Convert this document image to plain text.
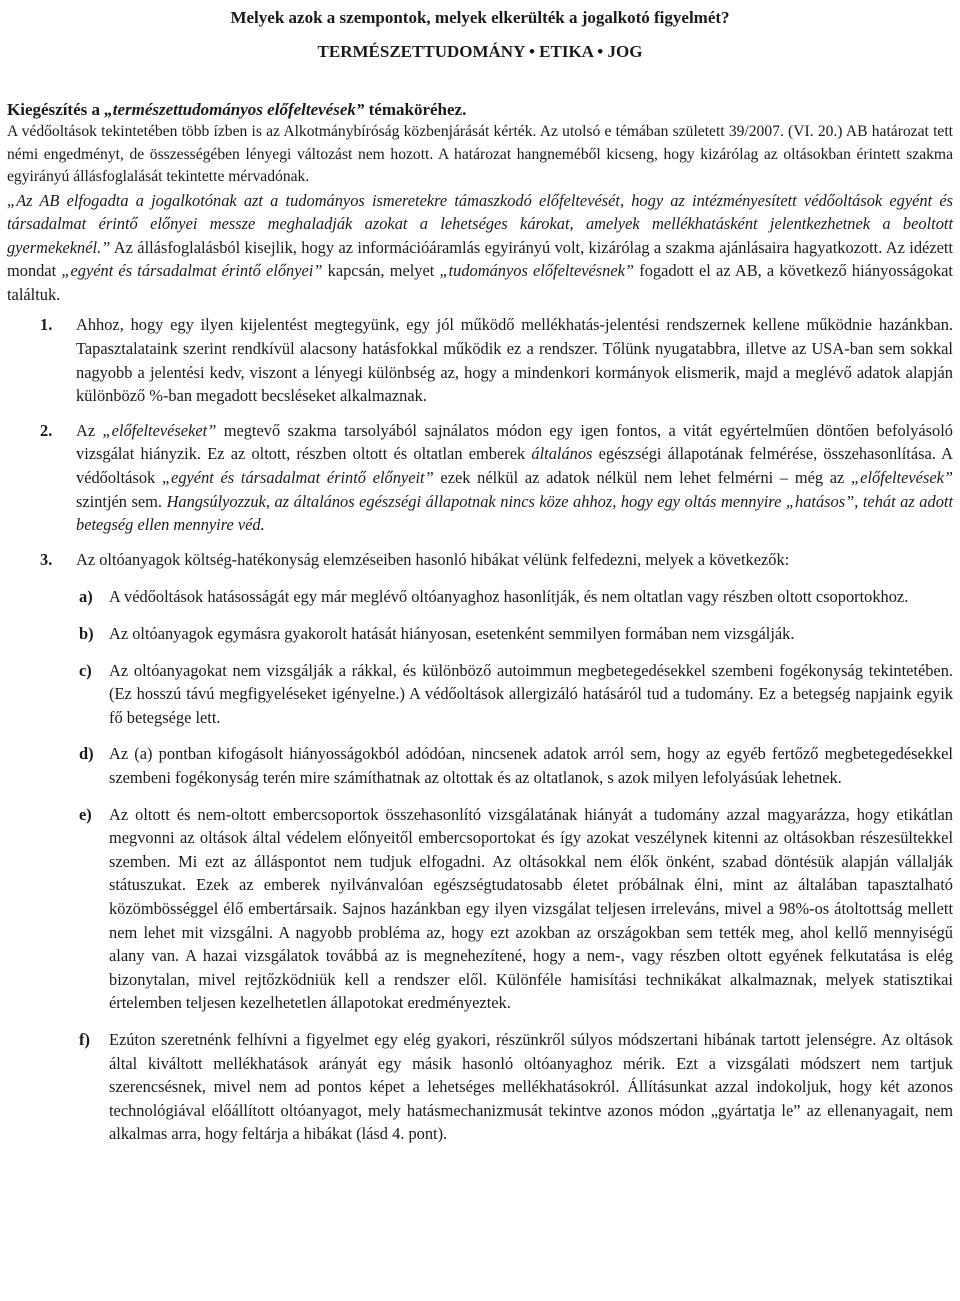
Melyek azok a szempontok, melyek elkerülték a jogalkotó figyelmét?
TERMÉSZETTUDOMÁNY • ETIKA • JOG
Kiegészítés a „természettudományos előfeltevések” témaköréhez.
A védőoltások tekintetében több ízben is az Alkotmánybíróság közbenjárását kérték. Az utolsó e témában született 39/2007. (VI. 20.) AB határozat tett némi engedményt, de összességében lényegi változást nem hozott. A határozat hangneméből kicseng, hogy kizárólag az oltásokban érintett szakma egyirányú állásfoglalását tekintette mérvadónak.
„Az AB elfogadta a jogalkotónak azt a tudományos ismeretekre támaszkodó előfeltevését, hogy az intézményesített védőoltások egyént és társadalmat érintő előnyei messze meghaladják azokat a lehetséges károkat, amelyek mellékhatásként jelentkezhetnek a beoltott gyermekeknél.” Az állásfoglalásból kisejlik, hogy az információáramlás egyirányú volt, kizárólag a szakma ajánlásaira hagyatkozott. Az idézett mondat „egyént és társadalmat érintő előnyei” kapcsán, melyet „tudományos előfeltevésnek” fogadott el az AB, a következő hiányosságokat találtuk.
1.	Ahhoz, hogy egy ilyen kijelentést megtegyünk, egy jól működő mellékhatás-jelentési rendszernek kellene működnie hazánkban. Tapasztalataink szerint rendkívül alacsony hatásfokkal működik ez a rendszer. Tőlünk nyugatabbra, illetve az USA-ban sem sokkal nagyobb a jelentési kedv, viszont a lényegi különbség az, hogy a mindenkori kormányok elismerik, majd a meglévő adatok alapján különböző %-ban megadott becsléseket alkalmaznak.
2.	Az „előfeltevéseket” megtevő szakma tarsolyából sajnálatos módon egy igen fontos, a vitát egyértelműen döntően befolyásoló vizsgálat hiányzik. Ez az oltott, részben oltott és oltatlan emberek általános egészségi állapotának felmérése, összehasonlítása. A védőoltások „egyént és társadalmat érintő előnyeit” ezek nélkül az adatok nélkül nem lehet felmérni – még az „előfeltevések” szintjén sem. Hangsúlyozzuk, az általános egészségi állapotnak nincs köze ahhoz, hogy egy oltás mennyire „hatásos”, tehát az adott betegség ellen mennyire véd.
3.	Az oltóanyagok költség-hatékonyság elemzéseiben hasonló hibákat vélünk felfedezni, melyek a következők:
a) A védőoltások hatásosságát egy már meglévő oltóanyaghoz hasonlítják, és nem oltatlan vagy részben oltott csoportokhoz.
b) Az oltóanyagok egymásra gyakorolt hatását hiányosan, esetenként semmilyen formában nem vizsgálják.
c)	Az oltóanyagokat nem vizsgálják a rákkal, és különböző autoimmun megbetegedésekkel szembeni fogékonyság tekintetében. (Ez hosszú távú megfigyeléseket igényelne.) A védőoltások allergizáló hatásáról tud a tudomány. Ez a betegség napjaink egyik fő betegsége lett.
d) Az (a) pontban kifogásolt hiányosságokból adódóan, nincsenek adatok arról sem, hogy az egyéb fertőző megbetegedésekkel szembeni fogékonyság terén mire számíthatnak az oltottak és az oltatlanok, s azok milyen lefolyásúak lehetnek.
e)	Az oltott és nem-oltott embercsoportok összehasonlító vizsgálatának hiányát a tudomány azzal magyarázza, hogy etikátlan megvonni az oltások által védelem előnyeitől embercsoportokat és így azokat veszélynek kitenni az oltásokban részesültekkel szemben. Mi ezt az álláspontot nem tudjuk elfogadni. Az oltásokkal nem élők önként, szabad döntésük alapján vállalják státuszukat. Ezek az emberek nyilvánvalóan egészségtudatosabb életet próbálnak élni, mint az általában tapasztalható közömbösséggel élő embertársaik. Sajnos hazánkban egy ilyen vizsgálat teljesen irreleváns, mivel a 98%-os átoltottság mellett nem lehet mit vizsgálni. A nagyobb probléma az, hogy ezt azokban az országokban sem tették meg, ahol kellő mennyiségű alany van. A hazai vizsgálatok továbbá az is megnehezítené, hogy a nem-, vagy részben oltott egyének felkutatása is elég bizonytalan, mivel rejtőzködniük kell a rendszer elől. Különféle hamisítási technikákat alkalmaznak, melyek statisztikai értelemben teljesen kezelhetetlen állapotokat eredményeztek.
f)	Ezúton szeretnénk felhívni a figyelmet egy elég gyakori, részünkről súlyos módszertani hibának tartott jelenségre. Az oltások által kiváltott mellékhatások arányát egy másik hasonló oltóanyaghoz mérik. Ezt a vizsgálati módszert nem tartjuk szerencsésnek, mivel nem ad pontos képet a lehetséges mellékhatásokról. Állításunkat azzal indokoljuk, hogy két azonos technológiával előállított oltóanyagot, mely hatásmechanizmusát tekintve azonos módon „gyártatja le” az ellenanyagait, nem alkalmas arra, hogy feltárja a hibákat (lásd 4. pont).
